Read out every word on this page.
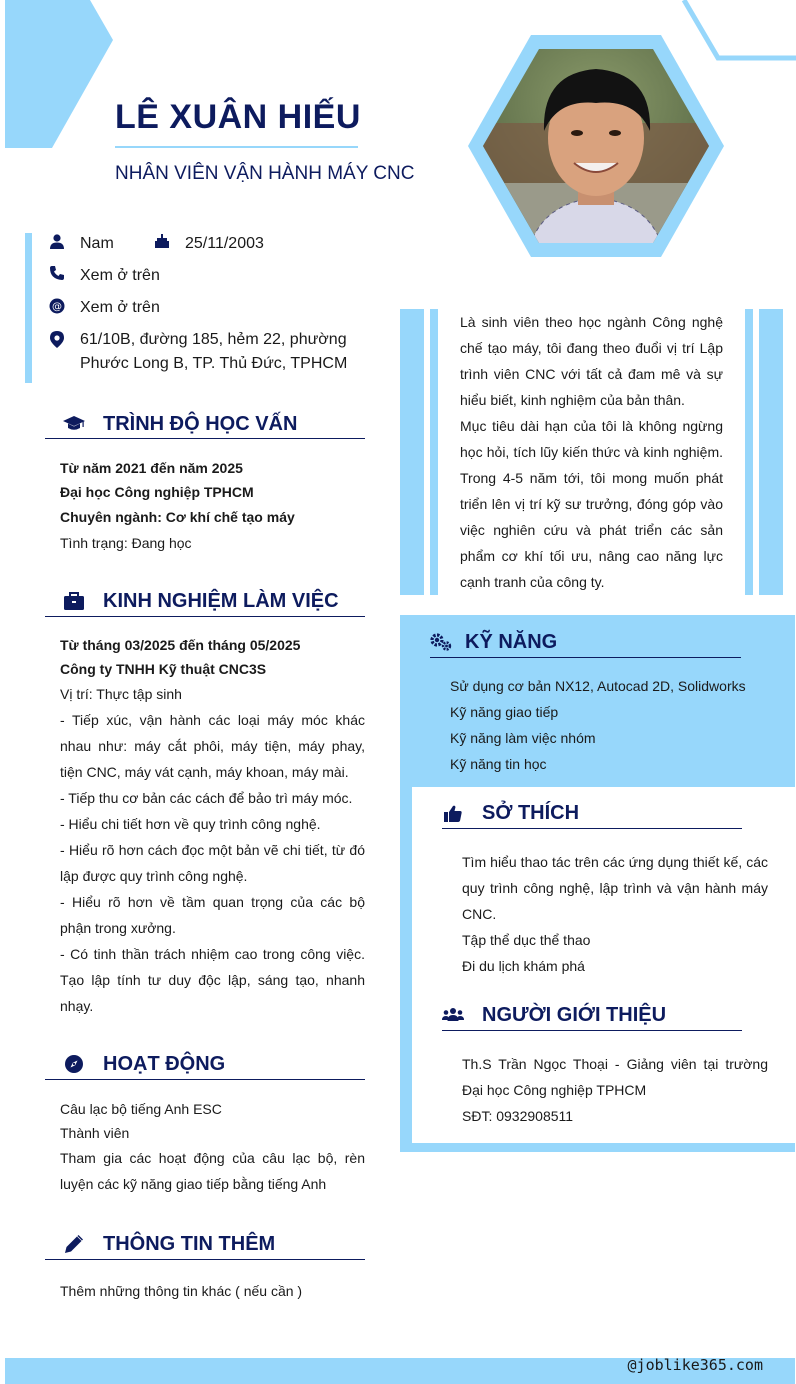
LÊ XUÂN HIẾU
NHÂN VIÊN VẬN HÀNH MÁY CNC
Nam	25/11/2003
Xem ở trên
@ Xem ở trên
61/10B, đường 185, hẻm 22, phường Phước Long B, TP. Thủ Đức, TPHCM
TRÌNH ĐỘ HỌC VẤN
Từ năm 2021 đến năm 2025
Đại học Công nghiệp TPHCM
Chuyên ngành: Cơ khí chế tạo máy
Tình trạng: Đang học
KINH NGHIỆM LÀM VIỆC
Từ tháng 03/2025 đến tháng 05/2025
Công ty TNHH Kỹ thuật CNC3S
Vị trí: Thực tập sinh
- Tiếp xúc, vận hành các loại máy móc khác nhau như: máy cắt phôi, máy tiện, máy phay, tiện CNC, máy vát cạnh, máy khoan, máy mài.
- Tiếp thu cơ bản các cách để bảo trì máy móc.
- Hiểu chi tiết hơn về quy trình công nghệ.
- Hiểu rõ hơn cách đọc một bản vẽ chi tiết, từ đó lập được quy trình công nghệ.
- Hiểu rõ hơn về tầm quan trọng của các bộ phận trong xưởng.
- Có tinh thần trách nhiệm cao trong công việc. Tạo lập tính tư duy độc lập, sáng tạo, nhanh nhạy.
HOẠT ĐỘNG
Câu lạc bộ tiếng Anh ESC
Thành viên
Tham gia các hoạt động của câu lạc bộ, rèn luyện các kỹ năng giao tiếp bằng tiếng Anh
THÔNG TIN THÊM
Thêm những thông tin khác ( nếu cần )
Là sinh viên theo học ngành Công nghệ chế tạo máy, tôi đang theo đuổi vị trí Lập trình viên CNC với tất cả đam mê và sự hiểu biết, kinh nghiệm của bản thân.
Mục tiêu dài hạn của tôi là không ngừng học hỏi, tích lũy kiến thức và kinh nghiệm. Trong 4-5 năm tới, tôi mong muốn phát triển lên vị trí kỹ sư trưởng, đóng góp vào việc nghiên cứu và phát triển các sản phẩm cơ khí tối ưu, nâng cao năng lực cạnh tranh của công ty.
KỸ NĂNG
Sử dụng cơ bản NX12, Autocad 2D, Solidworks
Kỹ năng giao tiếp
Kỹ năng làm việc nhóm
Kỹ năng tin học
SỞ THÍCH
Tìm hiểu thao tác trên các ứng dụng thiết kế, các quy trình công nghệ, lập trình và vận hành máy CNC.
Tập thể dục thể thao
Đi du lịch khám phá
NGƯỜI GIỚI THIỆU
Th.S Trần Ngọc Thoại - Giảng viên tại trường Đại học Công nghiệp TPHCM
SĐT: 0932908511
@joblike365.com
